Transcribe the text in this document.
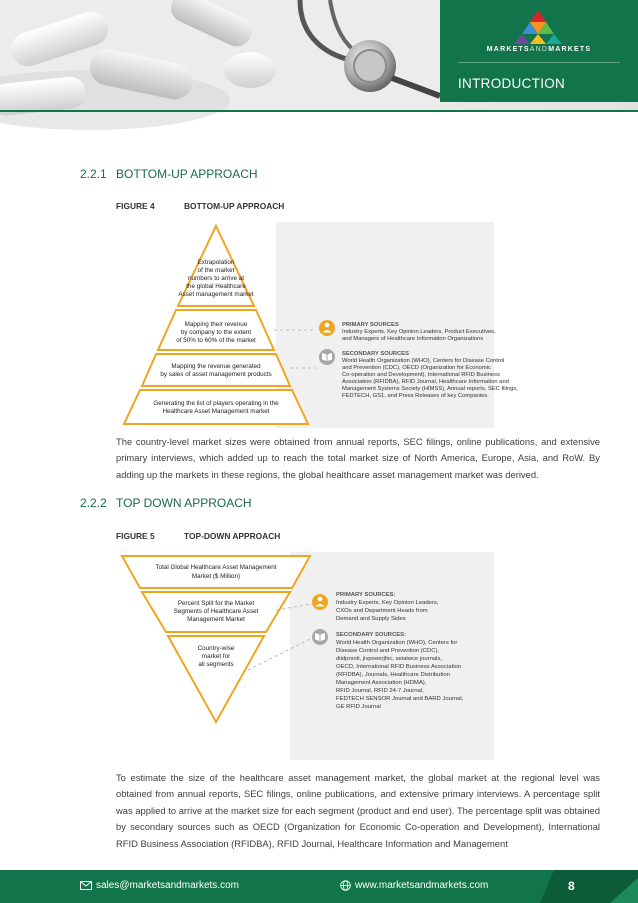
MARKETSANDMARKETS
INTRODUCTION
2.2.1 BOTTOM-UP APPROACH
FIGURE 4	BOTTOM-UP APPROACH
Extrapolation
of the market
numbers to arrive at
the global Healthcare
Asset management market
Mapping their revenue
by company to the extent
of 50% to 60% of the market
Mapping the revenue generated
by sales of asset management products
Generating the list of players operating in the
Healthcare Asset Management market
PRIMARY SOURCES
Industry Experts, Key Opinion Leaders, Product Executives,
and Managers of Healthcare Information Organizations
SECONDARY SOURCES
World Health Organization (WHO), Centers for Disease Control
and Prevention (CDC), OECD (Organization for Economic
Co-operation and Development), International RFID Business
Association (RFIDBA), RFID Journal, Healthcare Information and
Management Systems Society (HIMSS), Annual reports, SEC filings,
FEDTECH, GS1, and Press Releases of key Companies.
The country-level market sizes were obtained from annual reports, SEC filings, online publications, and extensive primary interviews, which added up to reach the total market size of North America, Europe, Asia, and RoW. By adding up the markets in these regions, the global healthcare asset management market was derived.
2.2.2 TOP DOWN APPROACH
FIGURE 5	TOP-DOWN APPROACH
Total Global Healthcare Asset Management
Market ($ Million)
Percent Split for the Market
Segments of Healthcare Asset
Management Market
Country-wise
market for
all segments
PRIMARY SOURCES:
Industry Experts, Key Opinion Leaders,
CXOs and Department Heads from
Demand and Supply Sides
SECONDARY SOURCES:
World Health Organization (WHO), Centers for
Disease Control and Prevention (CDC),
diidprsoti, jivpoeerjfsc, seiaiwce journals,
OECD, International RFID Business Association
(RFIDBA), Journals, Healthcare Distribution
Management Association (HDMA),
RFID Journal, RFID 24-7 Journal,
FEDTECH SENSOR Journal and BARD Journal,
GE RFID Journal
To estimate the size of the healthcare asset management market, the global market at the regional level was obtained from annual reports, SEC filings, online publications, and extensive primary interviews. A percentage split was applied to arrive at the market size for each segment (product and end user). The percentage split was obtained by secondary sources such as OECD (Organization for Economic Co-operation and Development), International RFID Business Association (RFIDBA), RFID Journal, Healthcare Information and Management
sales@marketsandmarkets.com	www.marketsandmarkets.com	8
